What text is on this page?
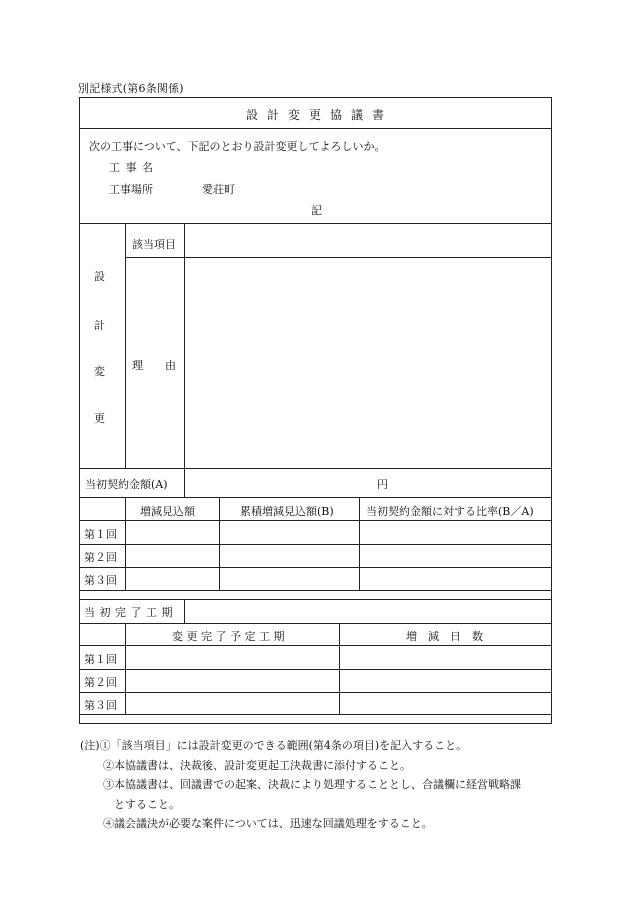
別記様式(第6条関係)
設計変更協議書
次の工事について、下記のとおり設計変更してよろしいか。
工 事 名
工事場所	愛荘町
記
設
計
変
更
該当項目
理　　由
当初契約金額(A)	円
増減見込額	累積増減見込額(B)	当初契約金額に対する比率(B／A)
第１回
第２回
第３回
当 初 完 了 工 期
変 更 完 了 予 定 工 期	増　減　日　数
第１回
第２回
第３回
(注)①「該当項目」には設計変更のできる範囲(第4条の項目)を記入すること。
②本協議書は、決裁後、設計変更起工決裁書に添付すること。
③本協議書は、回議書での起案、決裁により処理することとし、合議欄に経営戦略課
とすること。
④議会議決が必要な案件については、迅速な回議処理をすること。
